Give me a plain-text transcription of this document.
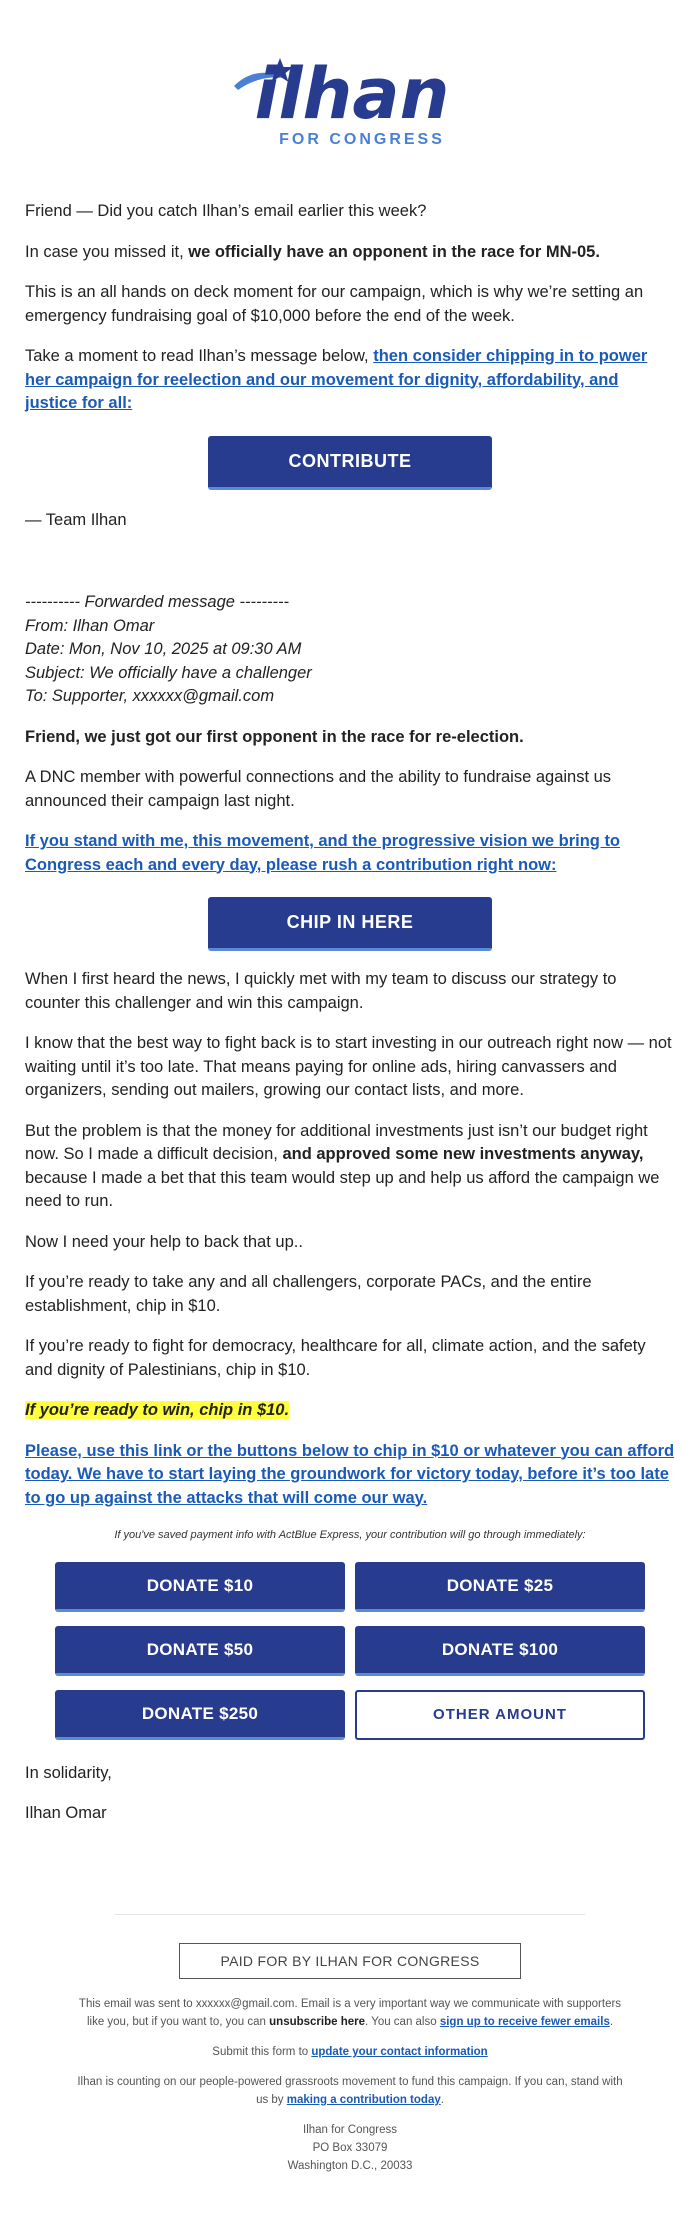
ilhan
FOR CONGRESS

Friend — Did you catch Ilhan’s email earlier this week?

In case you missed it, we officially have an opponent in the race for MN-05.

This is an all hands on deck moment for our campaign, which is why we’re setting an emergency fundraising goal of $10,000 before the end of the week.

Take a moment to read Ilhan’s message below, then consider chipping in to power her campaign for reelection and our movement for dignity, affordability, and justice for all:

CONTRIBUTE

— Team Ilhan

---------- Forwarded message ---------

From: Ilhan Omar

Date: Mon, Nov 10, 2025 at 09:30 AM

Subject: We officially have a challenger

To: Supporter, xxxxxx@gmail.com

Friend, we just got our first opponent in the race for re-election.

A DNC member with powerful connections and the ability to fundraise against us announced their campaign last night.

If you stand with me, this movement, and the progressive vision we bring to Congress each and every day, please rush a contribution right now:

CHIP IN HERE

When I first heard the news, I quickly met with my team to discuss our strategy to counter this challenger and win this campaign.

I know that the best way to fight back is to start investing in our outreach right now — not waiting until it’s too late. That means paying for online ads, hiring canvassers and organizers, sending out mailers, growing our contact lists, and more.

But the problem is that the money for additional investments just isn’t our budget right now. So I made a difficult decision, and approved some new investments anyway, because I made a bet that this team would step up and help us afford the campaign we need to run.

Now I need your help to back that up..

If you’re ready to take any and all challengers, corporate PACs, and the entire establishment, chip in $10.

If you’re ready to fight for democracy, healthcare for all, climate action, and the safety and dignity of Palestinians, chip in $10.

If you’re ready to win, chip in $10.

Please, use this link or the buttons below to chip in $10 or whatever you can afford today. We have to start laying the groundwork for victory today, before it’s too late to go up against the attacks that will come our way.

If you've saved payment info with ActBlue Express, your contribution will go through immediately:

DONATE $10	DONATE $25
DONATE $50	DONATE $100
DONATE $250	OTHER AMOUNT

In solidarity,

Ilhan Omar

PAID FOR BY ILHAN FOR CONGRESS

This email was sent to xxxxxx@gmail.com. Email is a very important way we communicate with supporters like you, but if you want to, you can unsubscribe here. You can also sign up to receive fewer emails.

Submit this form to update your contact information

Ilhan is counting on our people-powered grassroots movement to fund this campaign. If you can, stand with us by making a contribution today.

Ilhan for Congress

PO Box 33079

Washington D.C., 20033
